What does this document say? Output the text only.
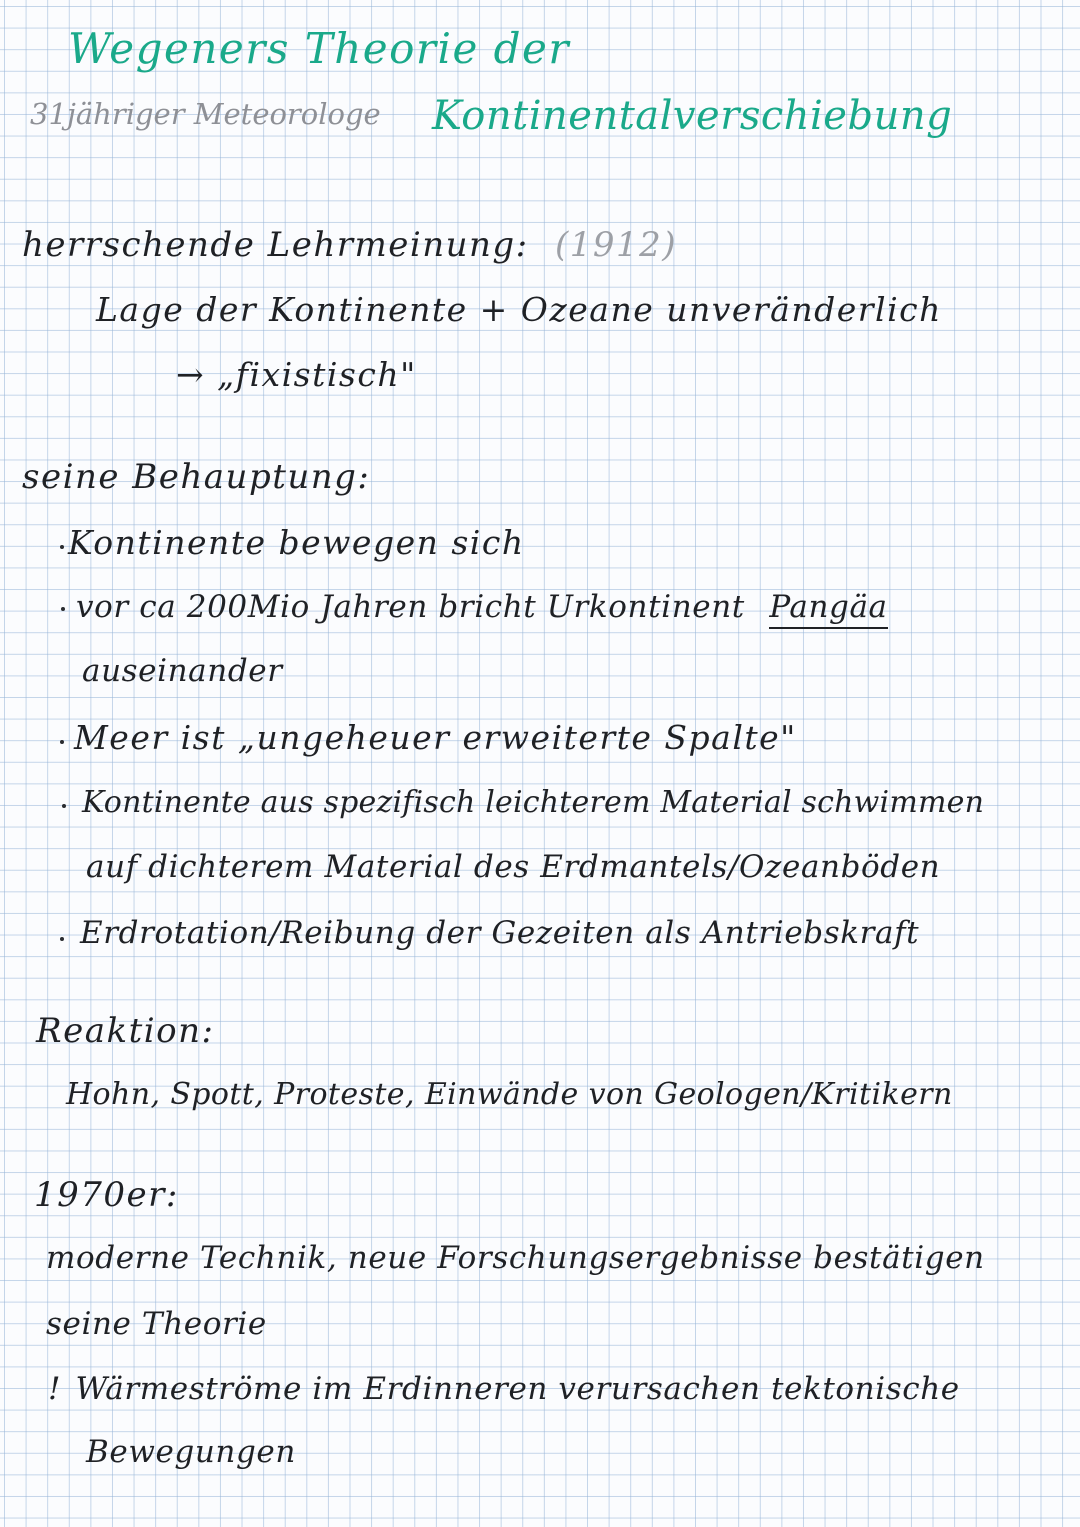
Wegeners Theorie der
31jähriger Meteorologe Kontinentalverschiebung
herrschende Lehrmeinung: (1912)
Lage der Kontinente + Ozeane unveränderlich
→ „fixistisch"
seine Behauptung:
Kontinente bewegen sich
vor ca 200Mio Jahren bricht Urkontinent Pangäa
auseinander
Meer ist „ungeheuer erweiterte Spalte"
Kontinente aus spezifisch leichterem Material schwimmen
auf dichterem Material des Erdmantels/Ozeanböden
Erdrotation/Reibung der Gezeiten als Antriebskraft
Reaktion:
Hohn, Spott, Proteste, Einwände von Geologen/Kritikern
1970er:
moderne Technik, neue Forschungsergebnisse bestätigen
seine Theorie
! Wärmeströme im Erdinneren verursachen tektonische
Bewegungen
